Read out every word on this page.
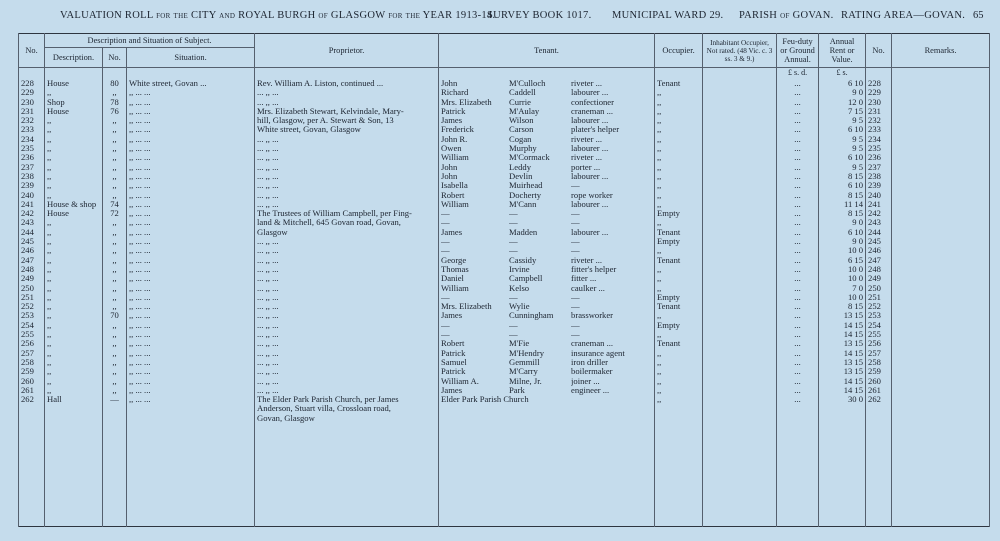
VALUATION ROLL for the CITY and ROYAL BURGH of GLASGOW for the YEAR 1913-14.
SURVEY BOOK 1017. MUNICIPAL WARD 29. PARISH of GOVAN. RATING AREA—GOVAN. 65
No.	Description and Situation of Subject.			Proprietor.	Tenant.	Occupier.	Inhabitant Occupier, Not rated. (48 Vic. c. 3 ss. 3 & 9.)	Feu-duty or Ground Annual.	Annual Rent or Value.	No.	Remarks.
	Description.	No.	Situation.								
								£ s. d.	£ s.		
228	House	80	White street, Govan ...	Rev. William A. Liston, continued ...	John M'Culloch riveter ...	Tenant		...	6 10	228	
229	,,	,,	,, ... ...	... ,, ...	Richard Caddell labourer ...	,,		...	9 0	229	
230	Shop	78	,, ... ...	... ,, ...	Mrs. Elizabeth Currie confectioner	,,		...	12 0	230	
231	House	76	,, ... ...	Mrs. Elizabeth Stewart, Kelvindale, Mary-	Patrick M'Aulay craneman ...	,,		...	7 15	231	
232	,,	,,	,, ... ...	hill, Glasgow, per A. Stewart & Son, 13	James Wilson labourer ...	,,		...	9 5	232	
233	,,	,,	,, ... ...	White street, Govan, Glasgow	Frederick Carson plater's helper	,,		...	6 10	233	
234	,,	,,	,, ... ...	... ,, ...	John R. Cogan riveter ...	,,		...	9 5	234	
235	,,	,,	,, ... ...	... ,, ...	Owen Murphy labourer ...	,,		...	9 5	235	
236	,,	,,	,, ... ...	... ,, ...	William M'Cormack riveter ...	,,		...	6 10	236	
237	,,	,,	,, ... ...	... ,, ...	John Leddy porter ...	,,		...	9 5	237	
238	,,	,,	,, ... ...	... ,, ...	John Devlin labourer ...	,,		...	8 15	238	
239	,,	,,	,, ... ...	... ,, ...	Isabella Muirhead —	,,		...	6 10	239	
240	,,	,,	,, ... ...	... ,, ...	Robert Docherty rope worker	,,		...	8 15	240	
241	House & shop	74	,, ... ...	... ,, ...	William M'Cann labourer ...	,,		...	11 14	241	
242	House	72	,, ... ...	The Trustees of William Campbell, per Fing-	— — —	Empty		...	8 15	242	
243	,,	,,	,, ... ...	land & Mitchell, 645 Govan road, Govan,	— — —	,,		...	9 0	243	
244	,,	,,	,, ... ...	Glasgow	James Madden labourer ...	Tenant		...	6 10	244	
245	,,	,,	,, ... ...	... ,, ...	— — —	Empty		...	9 0	245	
246	,,	,,	,, ... ...	... ,, ...	— — —	,,		...	10 0	246	
247	,,	,,	,, ... ...	... ,, ...	George Cassidy riveter ...	Tenant		...	6 15	247	
248	,,	,,	,, ... ...	... ,, ...	Thomas Irvine fitter's helper	,,		...	10 0	248	
249	,,	,,	,, ... ...	... ,, ...	Daniel Campbell fitter ...	,,		...	10 0	249	
250	,,	,,	,, ... ...	... ,, ...	William Kelso caulker ...	,,		...	7 0	250	
251	,,	,,	,, ... ...	... ,, ...	— — —	Empty		...	10 0	251	
252	,,	,,	,, ... ...	... ,, ...	Mrs. Elizabeth Wylie —	Tenant		...	8 15	252	
253	,,	70	,, ... ...	... ,, ...	James Cunningham brassworker	,,		...	13 15	253	
254	,,	,,	,, ... ...	... ,, ...	— — —	Empty		...	14 15	254	
255	,,	,,	,, ... ...	... ,, ...	— — —	,,		...	14 15	255	
256	,,	,,	,, ... ...	... ,, ...	Robert M'Fie craneman ...	Tenant		...	13 15	256	
257	,,	,,	,, ... ...	... ,, ...	Patrick M'Hendry insurance agent	,,		...	14 15	257	
258	,,	,,	,, ... ...	... ,, ...	Samuel Gemmill iron driller	,,		...	13 15	258	
259	,,	,,	,, ... ...	... ,, ...	Patrick M'Carry boilermaker	,,		...	13 15	259	
260	,,	,,	,, ... ...	... ,, ...	William A. Milne, Jr. joiner ...	,,		...	14 15	260	
261	,,	,,	,, ... ...	... ,, ...	James Park engineer ...	,,		...	14 15	261	
262	Hall	—	,, ... ...	The Elder Park Parish Church, per James	Elder Park Parish Church	,,		...	30 0	262	
				Anderson, Stuart villa, Crossloan road,	

				Govan, Glasgow	
